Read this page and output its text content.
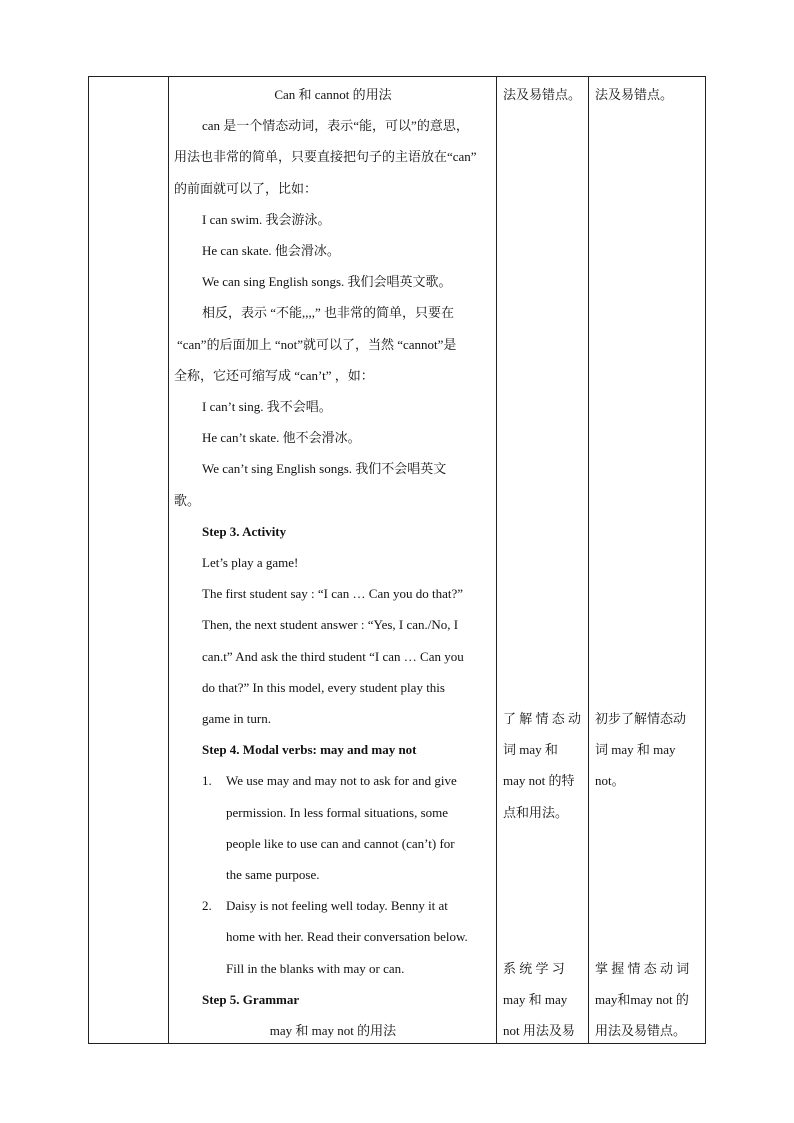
Can 和 cannot 的用法
can 是一个情态动词，表示“能，可以”的意思，
用法也非常的简单，只要直接把句子的主语放在“can”
的前面就可以了，比如：
I can swim. 我会游泳。
He can skate. 他会滑冰。
We can sing English songs. 我们会唱英文歌。
相反，表示 “不能,,,,” 也非常的简单，只要在
“can”的后面加上 “not”就可以了，当然 “cannot”是
全称，它还可缩写成 “can’t” ，如：
I can’t sing. 我不会唱。
He can’t skate. 他不会滑冰。
We can’t sing English songs. 我们不会唱英文
歌。
Step 3. Activity
Let’s play a game!
The first student say : “I can … Can you do that?”
Then, the next student answer : “Yes, I can./No, I
can.t” And ask the third student “I can … Can you
do that?” In this model, every student play this
game in turn.
Step 4. Modal verbs: may and may not
1. We use may and may not to ask for and give
permission. In less formal situations, some
people like to use can and cannot (can’t) for
the same purpose.
2. Daisy is not feeling well today. Benny it at
home with her. Read their conversation below.
Fill in the blanks with may or can.
Step 5. Grammar
may 和 may not 的用法
法及易错点。
了 解 情 态 动
词 may 和
may not 的特
点和用法。
系 统 学 习
may 和 may
not 用法及易
法及易错点。
初步了解情态动
词 may 和 may
not。
掌 握 情 态 动 词
may和may not 的
用法及易错点。
